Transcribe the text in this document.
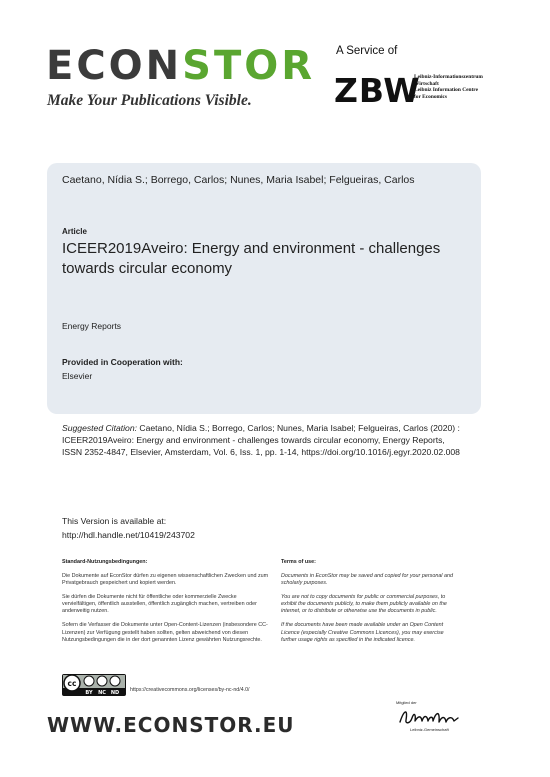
ECONSTOR
Make Your Publications Visible.
A Service of
ZBW
Leibniz-Informationszentrum
Wirtschaft
Leibniz Information Centre
for Economics
Caetano, Nídia S.; Borrego, Carlos; Nunes, Maria Isabel; Felgueiras, Carlos
Article
ICEER2019Aveiro: Energy and environment - challenges towards circular economy
Energy Reports
Provided in Cooperation with:
Elsevier
Suggested Citation: Caetano, Nídia S.; Borrego, Carlos; Nunes, Maria Isabel; Felgueiras, Carlos (2020) : ICEER2019Aveiro: Energy and environment - challenges towards circular economy, Energy Reports, ISSN 2352-4847, Elsevier, Amsterdam, Vol. 6, Iss. 1, pp. 1-14, https://doi.org/10.1016/j.egyr.2020.02.008
This Version is available at:
http://hdl.handle.net/10419/243702
Standard-Nutzungsbedingungen:

Die Dokumente auf EconStor dürfen zu eigenen wissenschaftlichen Zwecken und zum Privatgebrauch gespeichert und kopiert werden.

Sie dürfen die Dokumente nicht für öffentliche oder kommerzielle Zwecke vervielfältigen, öffentlich ausstellen, öffentlich zugänglich machen, vertreiben oder anderweitig nutzen.

Sofern die Verfasser die Dokumente unter Open-Content-Lizenzen (insbesondere CC-Lizenzen) zur Verfügung gestellt haben sollten, gelten abweichend von diesen Nutzungsbedingungen die in der dort genannten Lizenz gewährten Nutzungsrechte.

Terms of use:

Documents in EconStor may be saved and copied for your personal and scholarly purposes.

You are not to copy documents for public or commercial purposes, to exhibit the documents publicly, to make them publicly available on the internet, or to distribute or otherwise use the documents in public.

If the documents have been made available under an Open Content Licence (especially Creative Commons Licences), you may exercise further usage rights as specified in the indicated licence.

cc
BY NC ND https://creativecommons.org/licenses/by-nc-nd/4.0/
WWW.ECONSTOR.EU
Mitglied der
Leibniz-Gemeinschaft
